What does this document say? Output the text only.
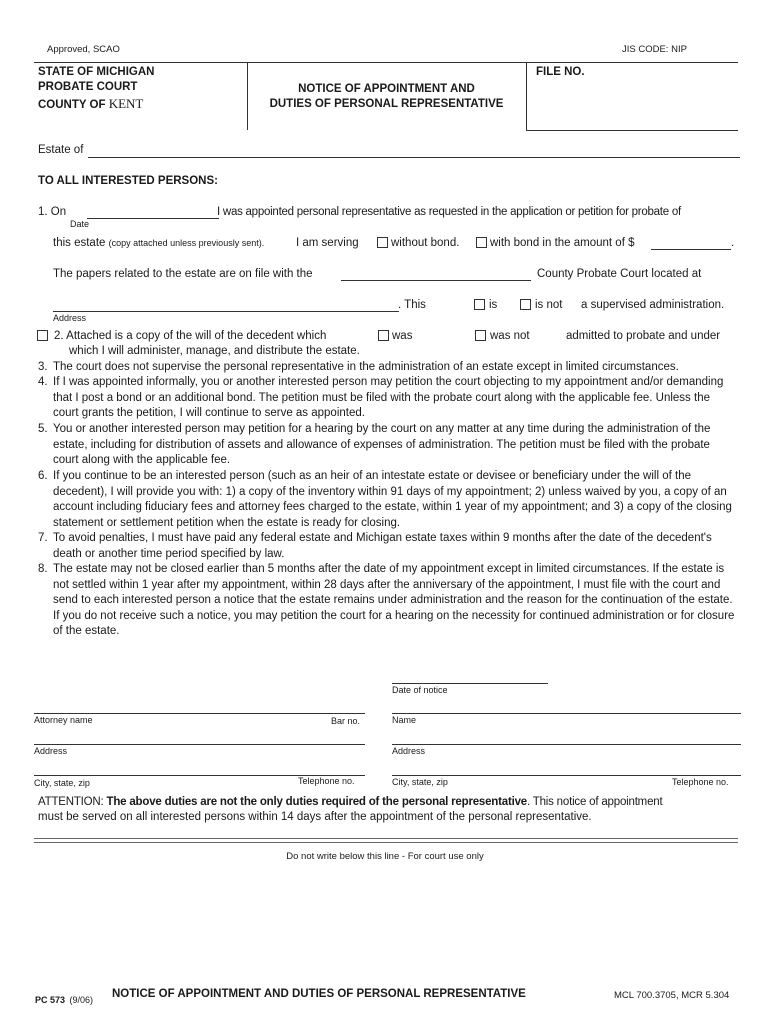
Approved, SCAO	JIS CODE: NIP
STATE OF MICHIGAN
PROBATE COURT
COUNTY OF KENT
NOTICE OF APPOINTMENT AND
DUTIES OF PERSONAL REPRESENTATIVE
FILE NO.
Estate of
TO ALL INTERESTED PERSONS:
1. On	I was appointed personal representative as requested in the application or petition for probate of
Date
this estate (copy attached unless previously sent).	I am serving	without bond.	with bond in the amount of $	.
The papers related to the estate are on file with the	County Probate Court located at
. This	is	is not a supervised administration.
Address
2. Attached is a copy of the will of the decedent which	was	was not	admitted to probate and under
which I will administer, manage, and distribute the estate.
3. The court does not supervise the personal representative in the administration of an estate except in limited circumstances.
4. If I was appointed informally, you or another interested person may petition the court objecting to my appointment and/or demanding that I post a bond or an additional bond. The petition must be filed with the probate court along with the applicable fee. Unless the court grants the petition, I will continue to serve as appointed.
5. You or another interested person may petition for a hearing by the court on any matter at any time during the administration of the estate, including for distribution of assets and allowance of expenses of administration. The petition must be filed with the probate court along with the applicable fee.
6. If you continue to be an interested person (such as an heir of an intestate estate or devisee or beneficiary under the will of the decedent), I will provide you with: 1) a copy of the inventory within 91 days of my appointment; 2) unless waived by you, a copy of an account including fiduciary fees and attorney fees charged to the estate, within 1 year of my appointment; and 3) a copy of the closing statement or settlement petition when the estate is ready for closing.
7. To avoid penalties, I must have paid any federal estate and Michigan estate taxes within 9 months after the date of the decedent's death or another time period specified by law.
8. The estate may not be closed earlier than 5 months after the date of my appointment except in limited circumstances. If the estate is not settled within 1 year after my appointment, within 28 days after the anniversary of the appointment, I must file with the court and send to each interested person a notice that the estate remains under administration and the reason for the continuation of the estate. If you do not receive such a notice, you may petition the court for a hearing on the necessity for continued administration or for closure of the estate.
Date of notice
Attorney name	Bar no.	Name
Address	Address
City, state, zip	Telephone no.	City, state, zip	Telephone no.
ATTENTION: The above duties are not the only duties required of the personal representative. This notice of appointment
must be served on all interested persons within 14 days after the appointment of the personal representative.
Do not write below this line - For court use only
PC 573 (9/06) NOTICE OF APPOINTMENT AND DUTIES OF PERSONAL REPRESENTATIVE	MCL 700.3705, MCR 5.304
